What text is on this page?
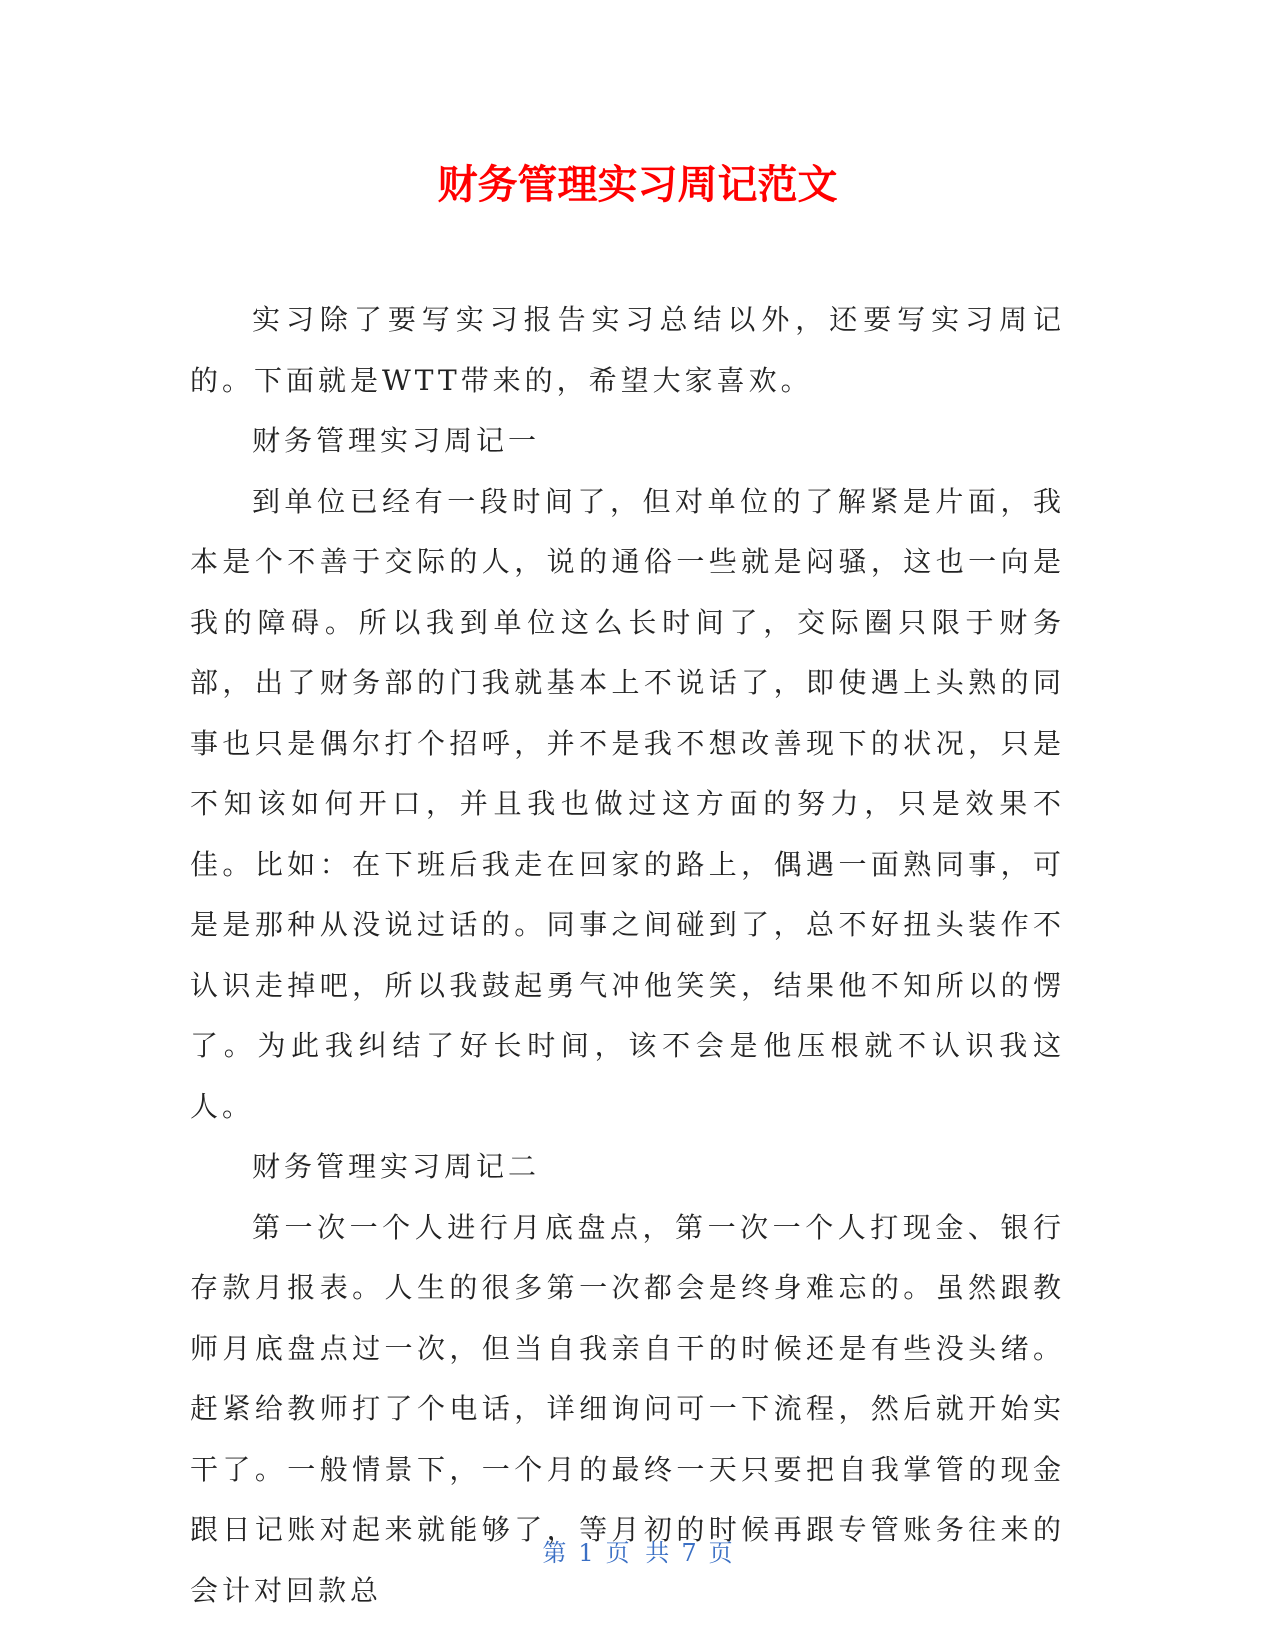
财务管理实习周记范文

实习除了要写实习报告实习总结以外，还要写实习周记的。下面就是WTT带来的，希望大家喜欢。

财务管理实习周记一

到单位已经有一段时间了，但对单位的了解紧是片面，我本是个不善于交际的人，说的通俗一些就是闷骚，这也一向是我的障碍。所以我到单位这么长时间了，交际圈只限于财务部，出了财务部的门我就基本上不说话了，即使遇上头熟的同事也只是偶尔打个招呼，并不是我不想改善现下的状况，只是不知该如何开口，并且我也做过这方面的努力，只是效果不佳。比如：在下班后我走在回家的路上，偶遇一面熟同事，可是是那种从没说过话的。同事之间碰到了，总不好扭头装作不认识走掉吧，所以我鼓起勇气冲他笑笑，结果他不知所以的愣了。为此我纠结了好长时间，该不会是他压根就不认识我这人。

财务管理实习周记二

第一次一个人进行月底盘点，第一次一个人打现金、银行存款月报表。人生的很多第一次都会是终身难忘的。虽然跟教师月底盘点过一次，但当自我亲自干的时候还是有些没头绪。赶紧给教师打了个电话，详细询问可一下流程，然后就开始实干了。一般情景下，一个月的最终一天只要把自我掌管的现金跟日记账对起来就能够了，等月初的时候再跟专管账务往来的会计对回款总

第 1 页 共 7 页
